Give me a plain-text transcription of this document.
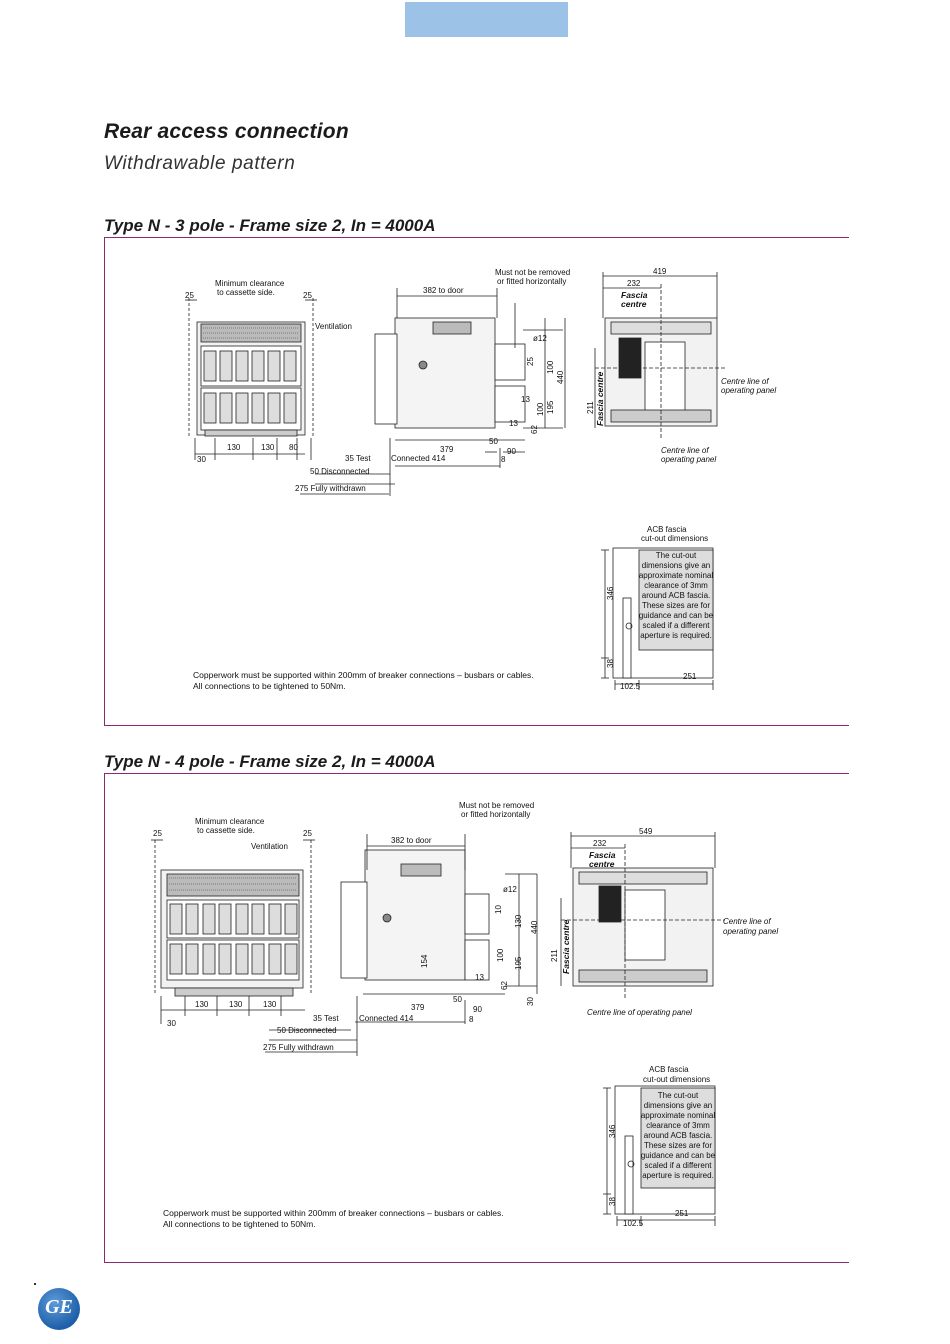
Rear access connection
Withdrawable pattern
Type N - 3 pole - Frame size 2, In = 4000A
Minimum clearance
to cassette side.
25	25
Ventilation
130	130 80
30
382 to door
Must not be removed
or fitted horizontally
ø12
13
13
379
50
90
8
35 Test	Connected 414
50 Disconnected
275 Fully withdrawn
419
232
Fascia
centre
Centre line of
operating panel
Centre line of
operating panel
ACB fascia
cut-out dimensions
251
102.5
346
38
100
440
25
195
100
62
211 Fascia centre
The cut-out
dimensions give an
approximate nominal
clearance of 3mm
around ACB fascia.
These sizes are for
guidance and can be
scaled if a different
aperture is required.
Copperwork must be supported within 200mm of breaker connections – busbars or cables.
All connections to be tightened to 50Nm.
Type N - 4 pole - Frame size 2, In = 4000A
Minimum clearance
to cassette side.
25	25
Ventilation
130	130	130
30
382 to door
Must not be removed
or fitted horizontally
ø12
13
379
50
90
8
35 Test	Connected 414
50 Disconnected
275 Fully withdrawn
549
232
Fascia
centre
Centre line of
operating panel
Centre line of operating panel
ACB fascia
cut-out dimensions
251
102.5
346
38
10
130 440
154	100
195
62
30
211 Fascia centre
The cut-out
dimensions give an
approximate nominal
clearance of 3mm
around ACB fascia.
These sizes are for
guidance and can be
scaled if a different
aperture is required.
Copperwork must be supported within 200mm of breaker connections – busbars or cables.
All connections to be tightened to 50Nm.
GE
